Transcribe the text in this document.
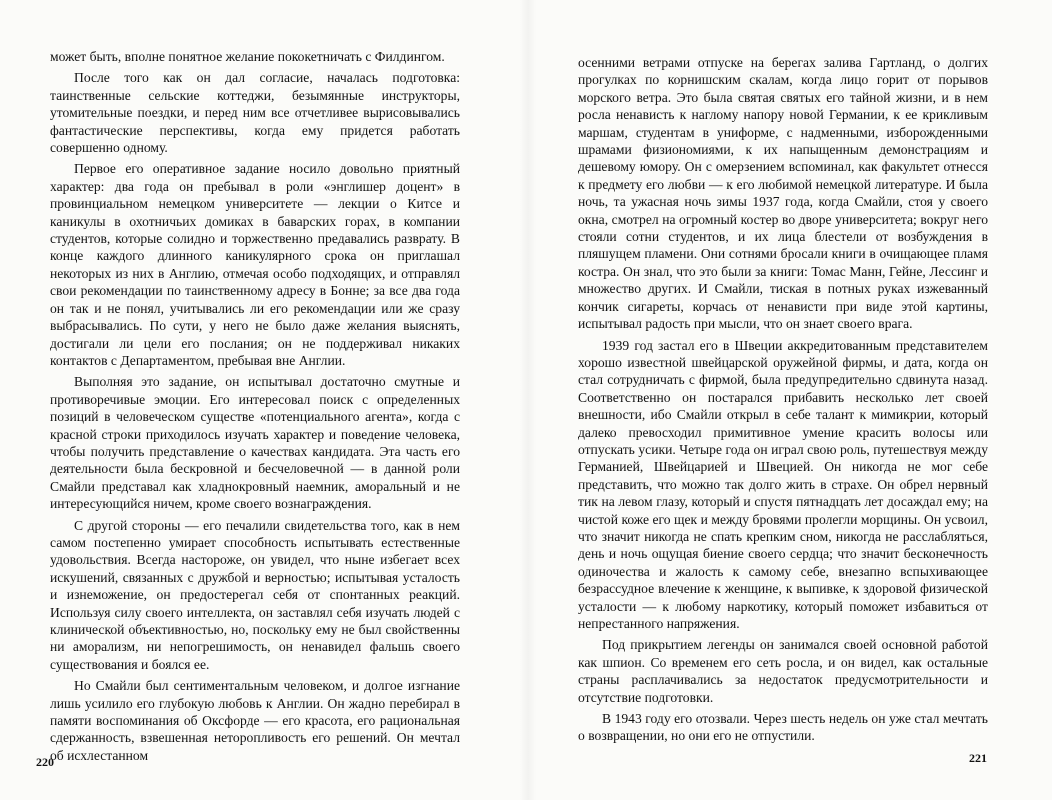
может быть, вполне понятное желание пококетничать с Филдингом.

После того как он дал согласие, началась подготовка: таинственные сельские коттеджи, безымянные инструкторы, утомительные поездки, и перед ним все отчетливее вырисовывались фантастические перспективы, когда ему придется работать совершенно одному.

Первое его оперативное задание носило довольно приятный характер: два года он пребывал в роли «энглишер доцент» в провинциальном немецком университете — лекции о Китсе и каникулы в охотничьих домиках в баварских горах, в компании студентов, которые солидно и торжественно предавались разврату. В конце каждого длинного каникулярного срока он приглашал некоторых из них в Англию, отмечая особо подходящих, и отправлял свои рекомендации по таинственному адресу в Бонне; за все два года он так и не понял, учитывались ли его рекомендации или же сразу выбрасывались. По сути, у него не было даже желания выяснять, достигали ли цели его послания; он не поддерживал никаких контактов с Департаментом, пребывая вне Англии.

Выполняя это задание, он испытывал достаточно смутные и противоречивые эмоции. Его интересовал поиск с определенных позиций в человеческом существе «потенциального агента», когда с красной строки приходилось изучать характер и поведение человека, чтобы получить представление о качествах кандидата. Эта часть его деятельности была бескровной и бесчеловечной — в данной роли Смайли представал как хладнокровный наемник, аморальный и не интересующийся ничем, кроме своего вознаграждения.

С другой стороны — его печалили свидетельства того, как в нем самом постепенно умирает способность испытывать естественные удовольствия. Всегда настороже, он увидел, что ныне избегает всех искушений, связанных с дружбой и верностью; испытывая усталость и изнеможение, он предостерегал себя от спонтанных реакций. Используя силу своего интеллекта, он заставлял себя изучать людей с клинической объективностью, но, поскольку ему не был свойственны ни аморализм, ни непогрешимость, он ненавидел фальшь своего существования и боялся ее.

Но Смайли был сентиментальным человеком, и долгое изгнание лишь усилило его глубокую любовь к Англии. Он жадно перебирал в памяти воспоминания об Оксфорде — его красота, его рациональная сдержанность, взвешенная неторопливость его решений. Он мечтал об исхлестанном

220

осенними ветрами отпуске на берегах залива Гартланд, о долгих прогулках по корнишским скалам, когда лицо горит от порывов морского ветра. Это была святая святых его тайной жизни, и в нем росла ненависть к наглому напору новой Германии, к ее крикливым маршам, студентам в униформе, с надменными, изборожденными шрамами физиономиями, к их напыщенным демонстрациям и дешевому юмору. Он с омерзением вспоминал, как факультет отнесся к предмету его любви — к его любимой немецкой литературе. И была ночь, та ужасная ночь зимы 1937 года, когда Смайли, стоя у своего окна, смотрел на огромный костер во дворе университета; вокруг него стояли сотни студентов, и их лица блестели от возбуждения в пляшущем пламени. Они сотнями бросали книги в очищающее пламя костра. Он знал, что это были за книги: Томас Манн, Гейне, Лессинг и множество других. И Смайли, тиская в потных руках изжеванный кончик сигареты, корчась от ненависти при виде этой картины, испытывал радость при мысли, что он знает своего врага.

1939 год застал его в Швеции аккредитованным представителем хорошо известной швейцарской оружейной фирмы, и дата, когда он стал сотрудничать с фирмой, была предупредительно сдвинута назад. Соответственно он постарался прибавить несколько лет своей внешности, ибо Смайли открыл в себе талант к мимикрии, который далеко превосходил примитивное умение красить волосы или отпускать усики. Четыре года он играл свою роль, путешествуя между Германией, Швейцарией и Швецией. Он никогда не мог себе представить, что можно так долго жить в страхе. Он обрел нервный тик на левом глазу, который и спустя пятнадцать лет досаждал ему; на чистой коже его щек и между бровями пролегли морщины. Он усвоил, что значит никогда не спать крепким сном, никогда не расслабляться, день и ночь ощущая биение своего сердца; что значит бесконечность одиночества и жалость к самому себе, внезапно вспыхивающее безрассудное влечение к женщине, к выпивке, к здоровой физической усталости — к любому наркотику, который поможет избавиться от непрестанного напряжения.

Под прикрытием легенды он занимался своей основной работой как шпион. Со временем его сеть росла, и он видел, как остальные страны расплачивались за недостаток предусмотрительности и отсутствие подготовки.

В 1943 году его отозвали. Через шесть недель он уже стал мечтать о возвращении, но они его не отпустили.

221
